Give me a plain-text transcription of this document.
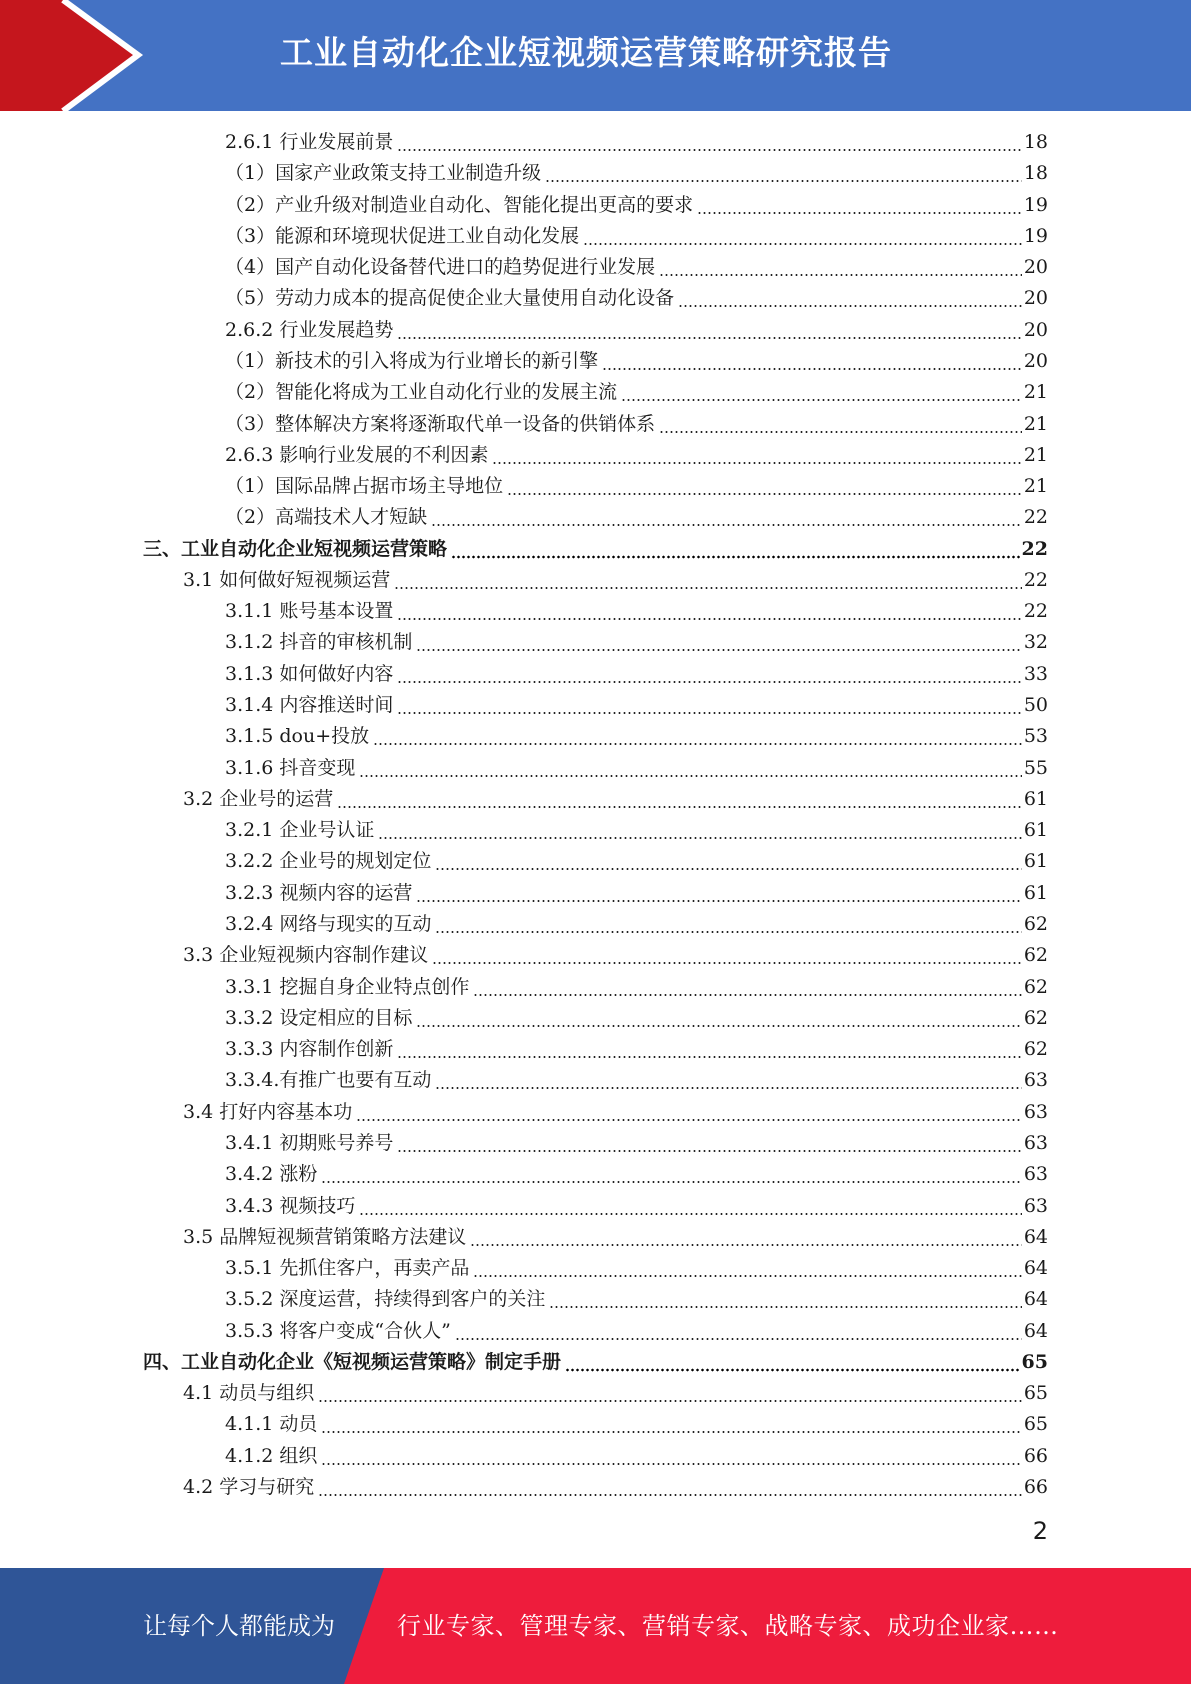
工业自动化企业短视频运营策略研究报告
2.6.1 行业发展前景	18
（1）国家产业政策支持工业制造升级	18
（2）产业升级对制造业自动化、智能化提出更高的要求	19
（3）能源和环境现状促进工业自动化发展	19
（4）国产自动化设备替代进口的趋势促进行业发展	20
（5）劳动力成本的提高促使企业大量使用自动化设备	20
2.6.2 行业发展趋势	20
（1）新技术的引入将成为行业增长的新引擎	20
（2）智能化将成为工业自动化行业的发展主流	21
（3）整体解决方案将逐渐取代单一设备的供销体系	21
2.6.3 影响行业发展的不利因素	21
（1）国际品牌占据市场主导地位	21
（2）高端技术人才短缺	22
三、工业自动化企业短视频运营策略	22
3.1 如何做好短视频运营	22
3.1.1 账号基本设置	22
3.1.2 抖音的审核机制	32
3.1.3 如何做好内容	33
3.1.4 内容推送时间	50
3.1.5 dou+投放	53
3.1.6 抖音变现	55
3.2 企业号的运营	61
3.2.1 企业号认证	61
3.2.2 企业号的规划定位	61
3.2.3 视频内容的运营	61
3.2.4 网络与现实的互动	62
3.3 企业短视频内容制作建议	62
3.3.1 挖掘自身企业特点创作	62
3.3.2 设定相应的目标	62
3.3.3 内容制作创新	62
3.3.4.有推广也要有互动	63
3.4 打好内容基本功	63
3.4.1 初期账号养号	63
3.4.2 涨粉	63
3.4.3 视频技巧	63
3.5 品牌短视频营销策略方法建议	64
3.5.1 先抓住客户，再卖产品	64
3.5.2 深度运营，持续得到客户的关注	64
3.5.3 将客户变成“合伙人”	64
四、工业自动化企业《短视频运营策略》制定手册	65
4.1 动员与组织	65
4.1.1 动员	65
4.1.2 组织	66
4.2 学习与研究	66
2
让每个人都能成为	行业专家、管理专家、营销专家、战略专家、成功企业家……
